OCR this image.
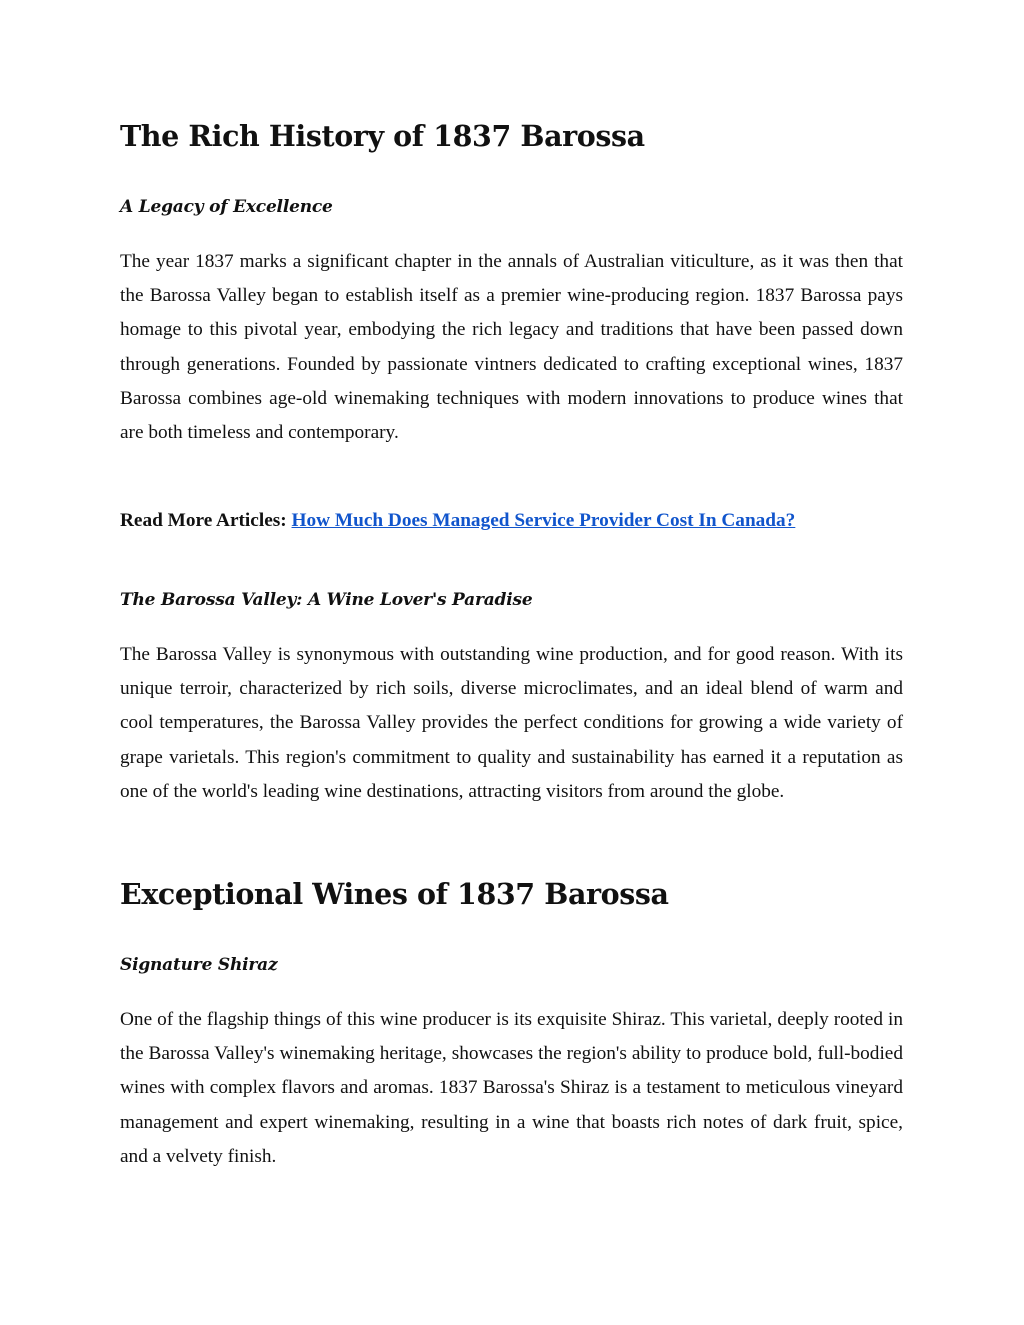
The Rich History of 1837 Barossa
A Legacy of Excellence

The year 1837 marks a significant chapter in the annals of Australian viticulture, as it was then that the Barossa Valley began to establish itself as a premier wine-producing region. 1837 Barossa pays homage to this pivotal year, embodying the rich legacy and traditions that have been passed down through generations. Founded by passionate vintners dedicated to crafting exceptional wines, 1837 Barossa combines age-old winemaking techniques with modern innovations to produce wines that are both timeless and contemporary.

Read More Articles: How Much Does Managed Service Provider Cost In Canada?
The Barossa Valley: A Wine Lover's Paradise

The Barossa Valley is synonymous with outstanding wine production, and for good reason. With its unique terroir, characterized by rich soils, diverse microclimates, and an ideal blend of warm and cool temperatures, the Barossa Valley provides the perfect conditions for growing a wide variety of grape varietals. This region's commitment to quality and sustainability has earned it a reputation as one of the world's leading wine destinations, attracting visitors from around the globe.

Exceptional Wines of 1837 Barossa
Signature Shiraz

One of the flagship things of this wine producer is its exquisite Shiraz. This varietal, deeply rooted in the Barossa Valley's winemaking heritage, showcases the region's ability to produce bold, full-bodied wines with complex flavors and aromas. 1837 Barossa's Shiraz is a testament to meticulous vineyard management and expert winemaking, resulting in a wine that boasts rich notes of dark fruit, spice, and a velvety finish.
